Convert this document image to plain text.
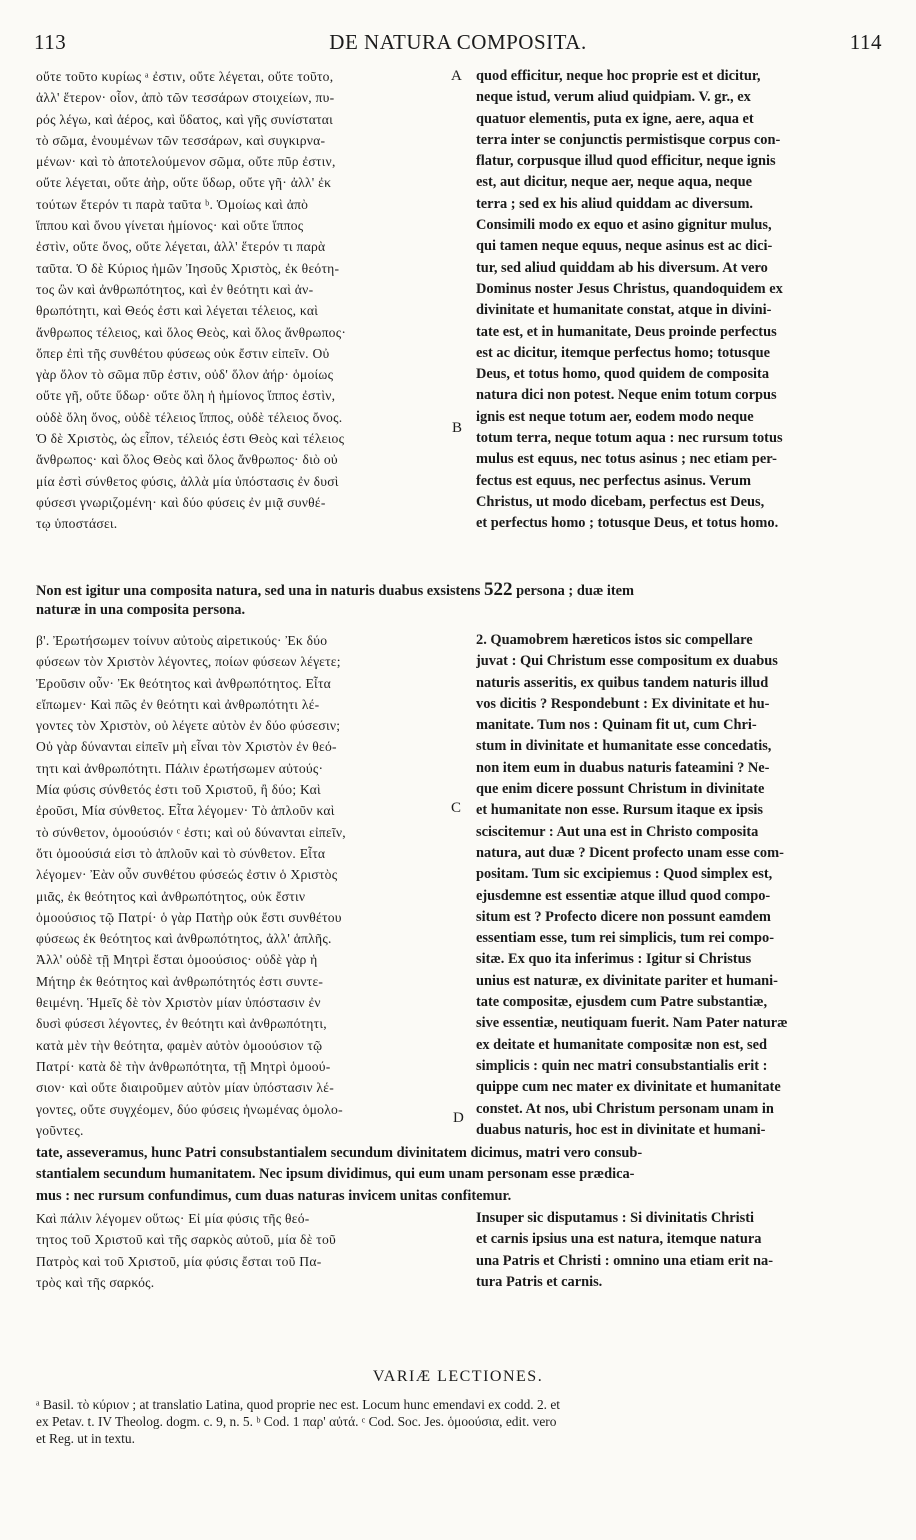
113	DE NATURA COMPOSITA.	114
οὔτε τοῦτο κυρίως ᵃ ἐστιν, οὔτε λέγεται, οὔτε τοῦτο,
ἀλλ' ἕτερον· οἷον, ἀπὸ τῶν τεσσάρων στοιχείων, πυ-
ρός λέγω, καὶ ἀέρος, καὶ ὕδατος, καὶ γῆς συνίσταται
τὸ σῶμα, ἑνουμένων τῶν τεσσάρων, καὶ συγκιρνα-
μένων· καὶ τὸ ἀποτελούμενον σῶμα, οὔτε πῦρ ἐστιν,
οὔτε λέγεται, οὔτε ἀὴρ, οὔτε ὕδωρ, οὔτε γῆ· ἀλλ' ἐκ
τούτων ἕτερόν τι παρὰ ταῦτα ᵇ. Ὁμοίως καὶ ἀπὸ
ἵππου καὶ ὄνου γίνεται ἡμίονος· καὶ οὔτε ἵππος
ἐστὶν, οὔτε ὄνος, οὔτε λέγεται, ἀλλ' ἕτερόν τι παρὰ
ταῦτα. Ὁ δὲ Κύριος ἡμῶν Ἰησοῦς Χριστὸς, ἐκ θεότη-
τος ὢν καὶ ἀνθρωπότητος, καὶ ἐν θεότητι καὶ ἀν-
θρωπότητι, καὶ Θεός ἐστι καὶ λέγεται τέλειος, καὶ
ἄνθρωπος τέλειος, καὶ ὅλος Θεὸς, καὶ ὅλος ἄνθρωπος·
ὅπερ ἐπὶ τῆς συνθέτου φύσεως οὐκ ἔστιν εἰπεῖν. Οὐ
γὰρ ὅλον τὸ σῶμα πῦρ ἐστιν, οὐδ' ὅλον ἀήρ· ὁμοίως
οὔτε γῆ, οὔτε ὕδωρ· οὔτε ὅλη ἡ ἡμίονος ἵππος ἐστὶν,
οὐδὲ ὅλη ὄνος, οὐδὲ τέλειος ἵππος, οὐδὲ τέλειος ὄνος.
Ὁ δὲ Χριστὸς, ὡς εἶπον, τέλειός ἐστι Θεὸς καὶ τέλειος
ἄνθρωπος· καὶ ὅλος Θεὸς καὶ ὅλος ἄνθρωπος· διὸ οὐ
μία ἐστὶ σύνθετος φύσις, ἀλλὰ μία ὑπόστασις ἐν δυσὶ
φύσεσι γνωριζομένη· καὶ δύο φύσεις ἐν μιᾷ συνθέ-
τῳ ὑποστάσει.
quod efficitur, neque hoc proprie est et dicitur,
neque istud, verum aliud quidpiam. V. gr., ex
quatuor elementis, puta ex igne, aere, aqua et
terra inter se conjunctis permistisque corpus con-
flatur, corpusque illud quod efficitur, neque ignis
est, aut dicitur, neque aer, neque aqua, neque
terra ; sed ex his aliud quiddam ac diversum.
Consimili modo ex equo et asino gignitur mulus,
qui tamen neque equus, neque asinus est ac dici-
tur, sed aliud quiddam ab his diversum. At vero
Dominus noster Jesus Christus, quandoquidem ex
divinitate et humanitate constat, atque in divini-
tate est, et in humanitate, Deus proinde perfectus
est ac dicitur, itemque perfectus homo; totusque
Deus, et totus homo, quod quidem de composita
natura dici non potest. Neque enim totum corpus
ignis est neque totum aer, eodem modo neque
totum terra, neque totum aqua : nec rursum totus
mulus est equus, nec totus asinus ; nec etiam per-
fectus est equus, nec perfectus asinus. Verum
Christus, ut modo dicebam, perfectus est Deus,
et perfectus homo ; totusque Deus, et totus homo.
Non est igitur una composita natura, sed una in naturis duabus exsistens 522 persona ; duæ item
naturæ in una composita persona.
β'. Ἐρωτήσωμεν τοίνυν αὐτοὺς αἱρετικούς· Ἐκ δύο
φύσεων τὸν Χριστὸν λέγοντες, ποίων φύσεων λέγετε;
Ἐροῦσιν οὖν· Ἐκ θεότητος καὶ ἀνθρωπότητος. Εἶτα
εἴπωμεν· Καὶ πῶς ἐν θεότητι καὶ ἀνθρωπότητι λέ-
γοντες τὸν Χριστὸν, οὐ λέγετε αὐτὸν ἐν δύο φύσεσιν;
Οὐ γὰρ δύνανται εἰπεῖν μὴ εἶναι τὸν Χριστὸν ἐν θεό-
τητι καὶ ἀνθρωπότητι. Πάλιν ἐρωτήσωμεν αὐτούς·
Μία φύσις σύνθετός ἐστι τοῦ Χριστοῦ, ἢ δύο; Καὶ
ἐροῦσι, Μία σύνθετος. Εἶτα λέγομεν· Τὸ ἁπλοῦν καὶ
τὸ σύνθετον, ὁμοούσιόν ᶜ ἐστι; καὶ οὐ δύνανται εἰπεῖν,
ὅτι ὁμοούσιά εἰσι τὸ ἁπλοῦν καὶ τὸ σύνθετον. Εἶτα
λέγομεν· Ἐὰν οὖν συνθέτου φύσεώς ἐστιν ὁ Χριστὸς
μιᾶς, ἐκ θεότητος καὶ ἀνθρωπότητος, οὐκ ἔστιν
ὁμοούσιος τῷ Πατρί· ὁ γὰρ Πατὴρ οὐκ ἔστι συνθέτου
φύσεως ἐκ θεότητος καὶ ἀνθρωπότητος, ἀλλ' ἁπλῆς.
Ἀλλ' οὐδὲ τῇ Μητρὶ ἔσται ὁμοούσιος· οὐδὲ γὰρ ἡ
Μήτηρ ἐκ θεότητος καὶ ἀνθρωπότητός ἐστι συντε-
θειμένη. Ἡμεῖς δὲ τὸν Χριστὸν μίαν ὑπόστασιν ἐν
δυσὶ φύσεσι λέγοντες, ἐν θεότητι καὶ ἀνθρωπότητι,
κατὰ μὲν τὴν θεότητα, φαμὲν αὐτὸν ὁμοούσιον τῷ
Πατρί· κατὰ δὲ τὴν ἀνθρωπότητα, τῇ Μητρὶ ὁμοού-
σιον· καὶ οὔτε διαιροῦμεν αὐτὸν μίαν ὑπόστασιν λέ-
γοντες, οὔτε συγχέομεν, δύο φύσεις ἡνωμένας ὁμολο-
γοῦντες.
2. Quamobrem hæreticos istos sic compellare
juvat : Qui Christum esse compositum ex duabus
naturis asseritis, ex quibus tandem naturis illud
vos dicitis ? Respondebunt : Ex divinitate et hu-
manitate. Tum nos : Quinam fit ut, cum Chri-
stum in divinitate et humanitate esse concedatis,
non item eum in duabus naturis fateamini ? Ne-
que enim dicere possunt Christum in divinitate
et humanitate non esse. Rursum itaque ex ipsis
sciscitemur : Aut una est in Christo composita
natura, aut duæ ? Dicent profecto unam esse com-
positam. Tum sic excipiemus : Quod simplex est,
ejusdemne est essentiæ atque illud quod compo-
situm est ? Profecto dicere non possunt eamdem
essentiam esse, tum rei simplicis, tum rei compo-
sitæ. Ex quo ita inferimus : Igitur si Christus
unius est naturæ, ex divinitate pariter et humani-
tate compositæ, ejusdem cum Patre substantiæ,
sive essentiæ, neutiquam fuerit. Nam Pater naturæ
ex deitate et humanitate compositæ non est, sed
simplicis : quin nec matri consubstantialis erit :
quippe cum nec mater ex divinitate et humanitate
constet. At nos, ubi Christum personam unam in
duabus naturis, hoc est in divinitate et humani-
tate, asseveramus, hunc Patri consubstantialem secundum divinitatem dicimus, matri vero consub-
stantialem secundum humanitatem. Nec ipsum dividimus, qui eum unam personam esse prædica-
mus : nec rursum confundimus, cum duas naturas invicem unitas confitemur.
Καὶ πάλιν λέγομεν οὕτως· Εἰ μία φύσις τῆς θεό-
τητος τοῦ Χριστοῦ καὶ τῆς σαρκὸς αὐτοῦ, μία δὲ τοῦ
Πατρὸς καὶ τοῦ Χριστοῦ, μία φύσις ἔσται τοῦ Πα-
τρὸς καὶ τῆς σαρκός.
Insuper sic disputamus : Si divinitatis Christi
et carnis ipsius una est natura, itemque natura
una Patris et Christi : omnino una etiam erit na-
tura Patris et carnis.
A
B
C
D
VARIÆ LECTIONES.
ᵃ Basil. τὸ κύριον ; at translatio Latina, quod proprie nec est. Locum hunc emendavi ex codd. 2. et
ex Petav. t. IV Theolog. dogm. c. 9, n. 5. ᵇ Cod. 1 παρ' αὐτά. ᶜ Cod. Soc. Jes. ὁμοούσια, edit. vero
et Reg. ut in textu.
